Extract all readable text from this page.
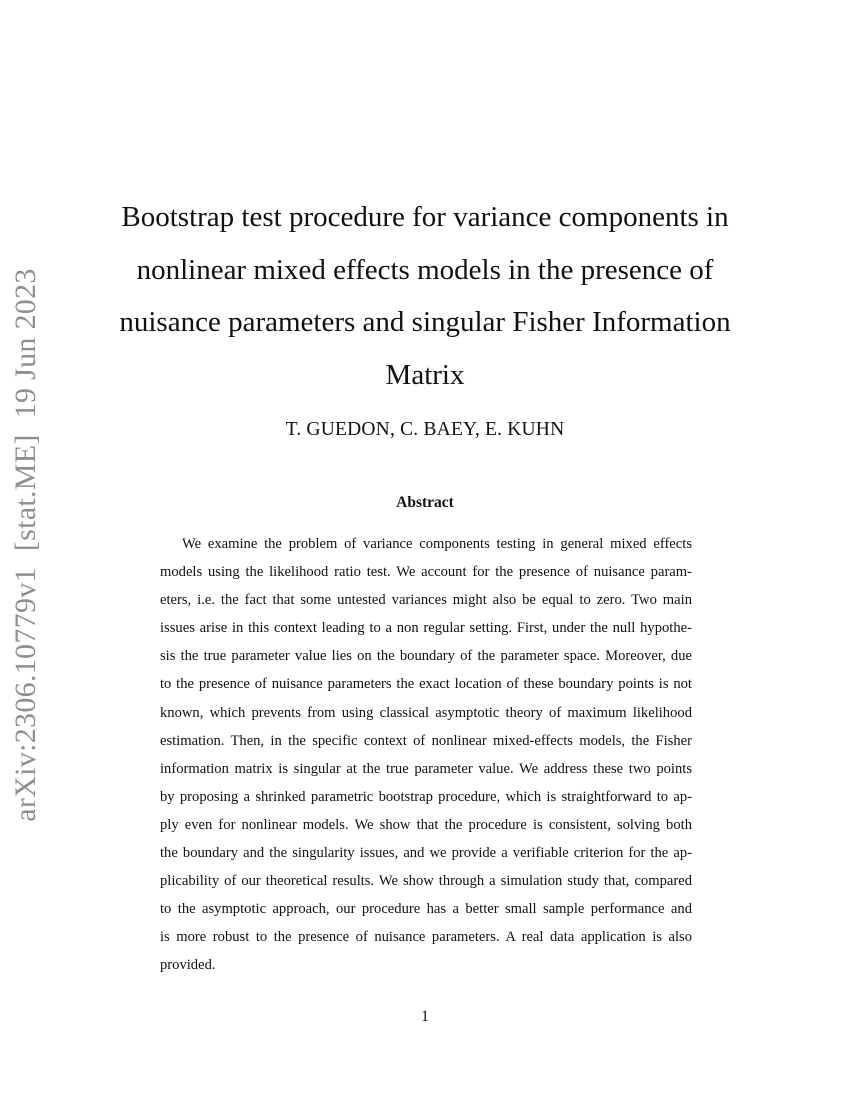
arXiv:2306.10779v1[stat.ME]19 Jun 2023
Bootstrap test procedure for variance components in
nonlinear mixed effects models in the presence of
nuisance parameters and singular Fisher Information
Matrix
T. GUEDON, C. BAEY, E. KUHN
Abstract
We examine the problem of variance components testing in general mixed effects
models using the likelihood ratio test. We account for the presence of nuisance param-
eters, i.e. the fact that some untested variances might also be equal to zero. Two main
issues arise in this context leading to a non regular setting. First, under the null hypothe-
sis the true parameter value lies on the boundary of the parameter space. Moreover, due
to the presence of nuisance parameters the exact location of these boundary points is not
known, which prevents from using classical asymptotic theory of maximum likelihood
estimation. Then, in the specific context of nonlinear mixed-effects models, the Fisher
information matrix is singular at the true parameter value. We address these two points
by proposing a shrinked parametric bootstrap procedure, which is straightforward to ap-
ply even for nonlinear models. We show that the procedure is consistent, solving both
the boundary and the singularity issues, and we provide a verifiable criterion for the ap-
plicability of our theoretical results. We show through a simulation study that, compared
to the asymptotic approach, our procedure has a better small sample performance and
is more robust to the presence of nuisance parameters. A real data application is also
provided.
1
